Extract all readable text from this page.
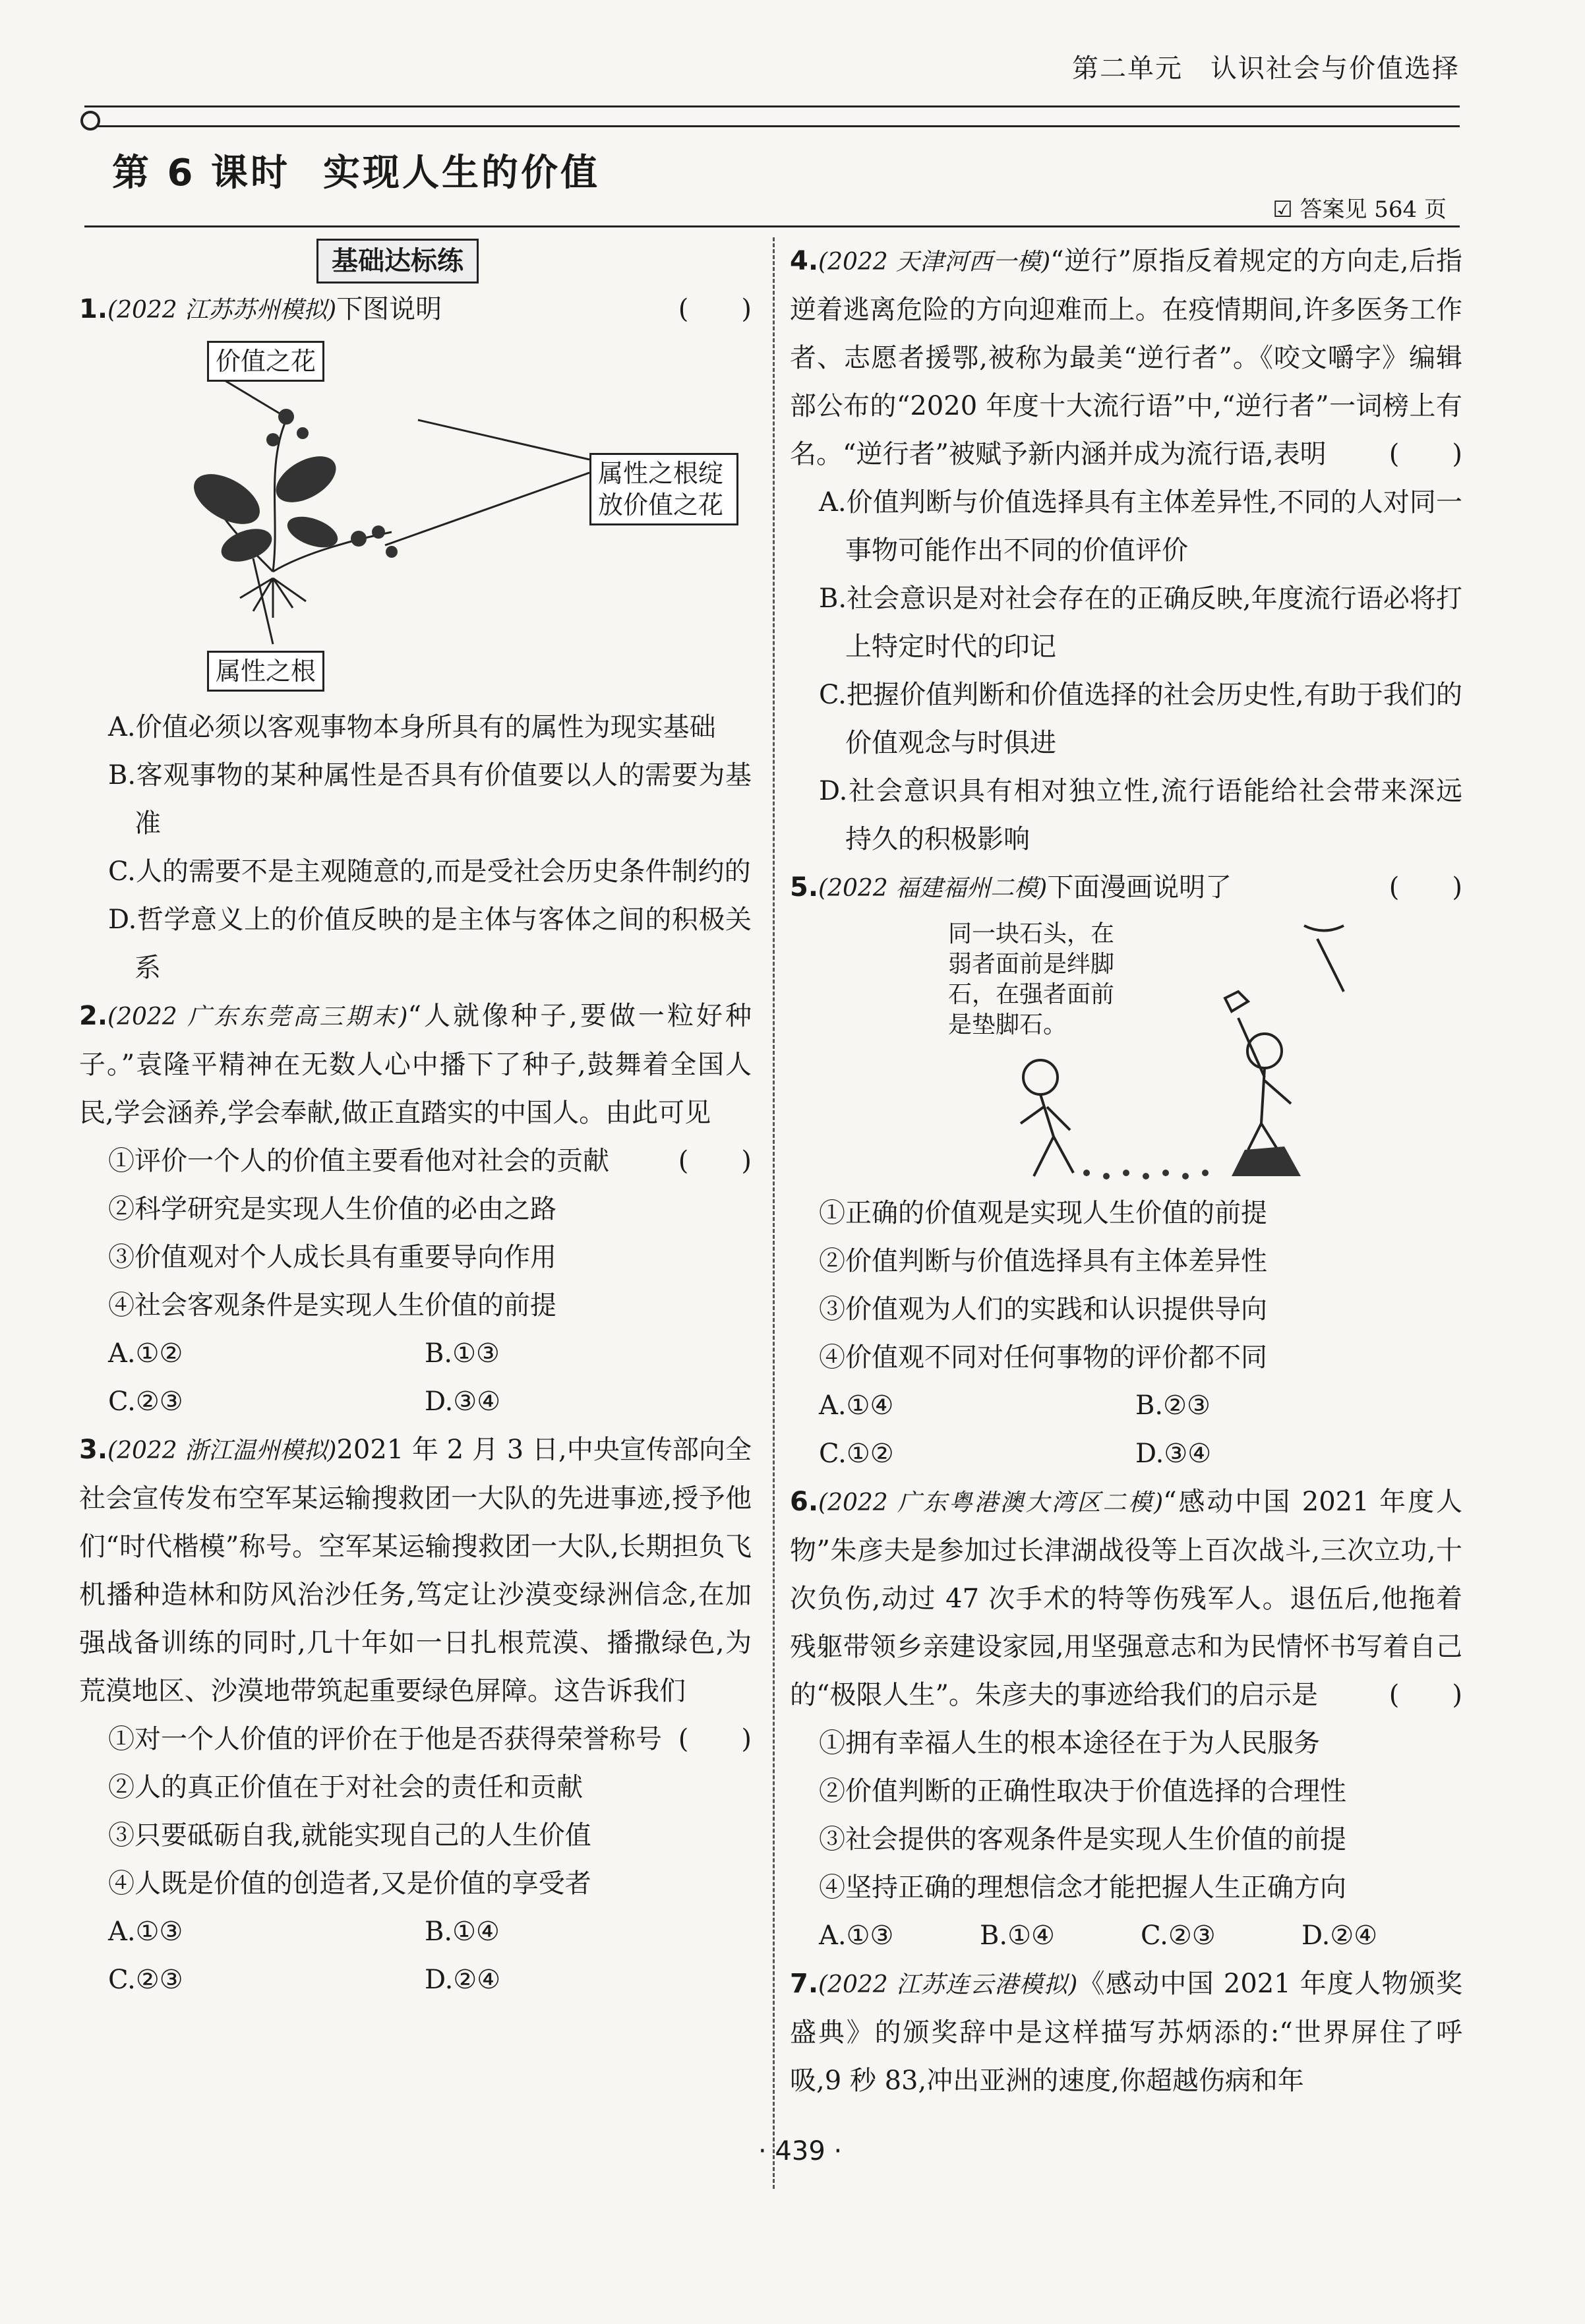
第二单元　认识社会与价值选择
第 6 课时 实现人生的价值
☑ 答案见 564 页
基础达标练

1.(2022 江苏苏州模拟)下图说明	(　　)

价值之花
属性之根绽放价值之花
属性之根

A.价值必须以客观事物本身所具有的属性为现实基础

B.客观事物的某种属性是否具有价值要以人的需要为基准

C.人的需要不是主观随意的,而是受社会历史条件制约的

D.哲学意义上的价值反映的是主体与客体之间的积极关系

2.(2022 广东东莞高三期末)“人就像种子,要做一粒好种子。”袁隆平精神在无数人心中播下了种子,鼓舞着全国人民,学会涵养,学会奉献,做正直踏实的中国人。由此可见
(　　)

①评价一个人的价值主要看他对社会的贡献

②科学研究是实现人生价值的必由之路

③价值观对个人成长具有重要导向作用

④社会客观条件是实现人生价值的前提

A.①②	B.①③
C.②③	D.③④

3.(2022 浙江温州模拟)2021 年 2 月 3 日,中央宣传部向全社会宣传发布空军某运输搜救团一大队的先进事迹,授予他们“时代楷模”称号。空军某运输搜救团一大队,长期担负飞机播种造林和防风治沙任务,笃定让沙漠变绿洲信念,在加强战备训练的同时,几十年如一日扎根荒漠、播撒绿色,为荒漠地区、沙漠地带筑起重要绿色屏障。这告诉我们
(　　)

①对一个人价值的评价在于他是否获得荣誉称号

②人的真正价值在于对社会的责任和贡献

③只要砥砺自我,就能实现自己的人生价值

④人既是价值的创造者,又是价值的享受者

A.①③	B.①④
C.②③	D.②④

4.(2022 天津河西一模)“逆行”原指反着规定的方向走,后指逆着逃离危险的方向迎难而上。在疫情期间,许多医务工作者、志愿者援鄂,被称为最美“逆行者”。《咬文嚼字》编辑部公布的“2020 年度十大流行语”中,“逆行者”一词榜上有名。“逆行者”被赋予新内涵并成为流行语,表明 (　　)

A.价值判断与价值选择具有主体差异性,不同的人对同一事物可能作出不同的价值评价

B.社会意识是对社会存在的正确反映,年度流行语必将打上特定时代的印记

C.把握价值判断和价值选择的社会历史性,有助于我们的价值观念与时俱进

D.社会意识具有相对独立性,流行语能给社会带来深远持久的积极影响

5.(2022 福建福州二模)下面漫画说明了	(　　)

同一块石头，在
弱者面前是绊脚
石，在强者面前
是垫脚石。

①正确的价值观是实现人生价值的前提

②价值判断与价值选择具有主体差异性

③价值观为人们的实践和认识提供导向

④价值观不同对任何事物的评价都不同

A.①④	B.②③
C.①②	D.③④

6.(2022 广东粤港澳大湾区二模)“感动中国 2021 年度人物”朱彦夫是参加过长津湖战役等上百次战斗,三次立功,十次负伤,动过 47 次手术的特等伤残军人。退伍后,他拖着残躯带领乡亲建设家园,用坚强意志和为民情怀书写着自己的“极限人生”。朱彦夫的事迹给我们的启示是	(　　)

①拥有幸福人生的根本途径在于为人民服务

②价值判断的正确性取决于价值选择的合理性

③社会提供的客观条件是实现人生价值的前提

④坚持正确的理想信念才能把握人生正确方向

A.①③	B.①④	C.②③	D.②④

7.(2022 江苏连云港模拟)《感动中国 2021 年度人物颁奖盛典》的颁奖辞中是这样描写苏炳添的:“世界屏住了呼吸,9 秒 83,冲出亚洲的速度,你超越伤病和年

· 439 ·
